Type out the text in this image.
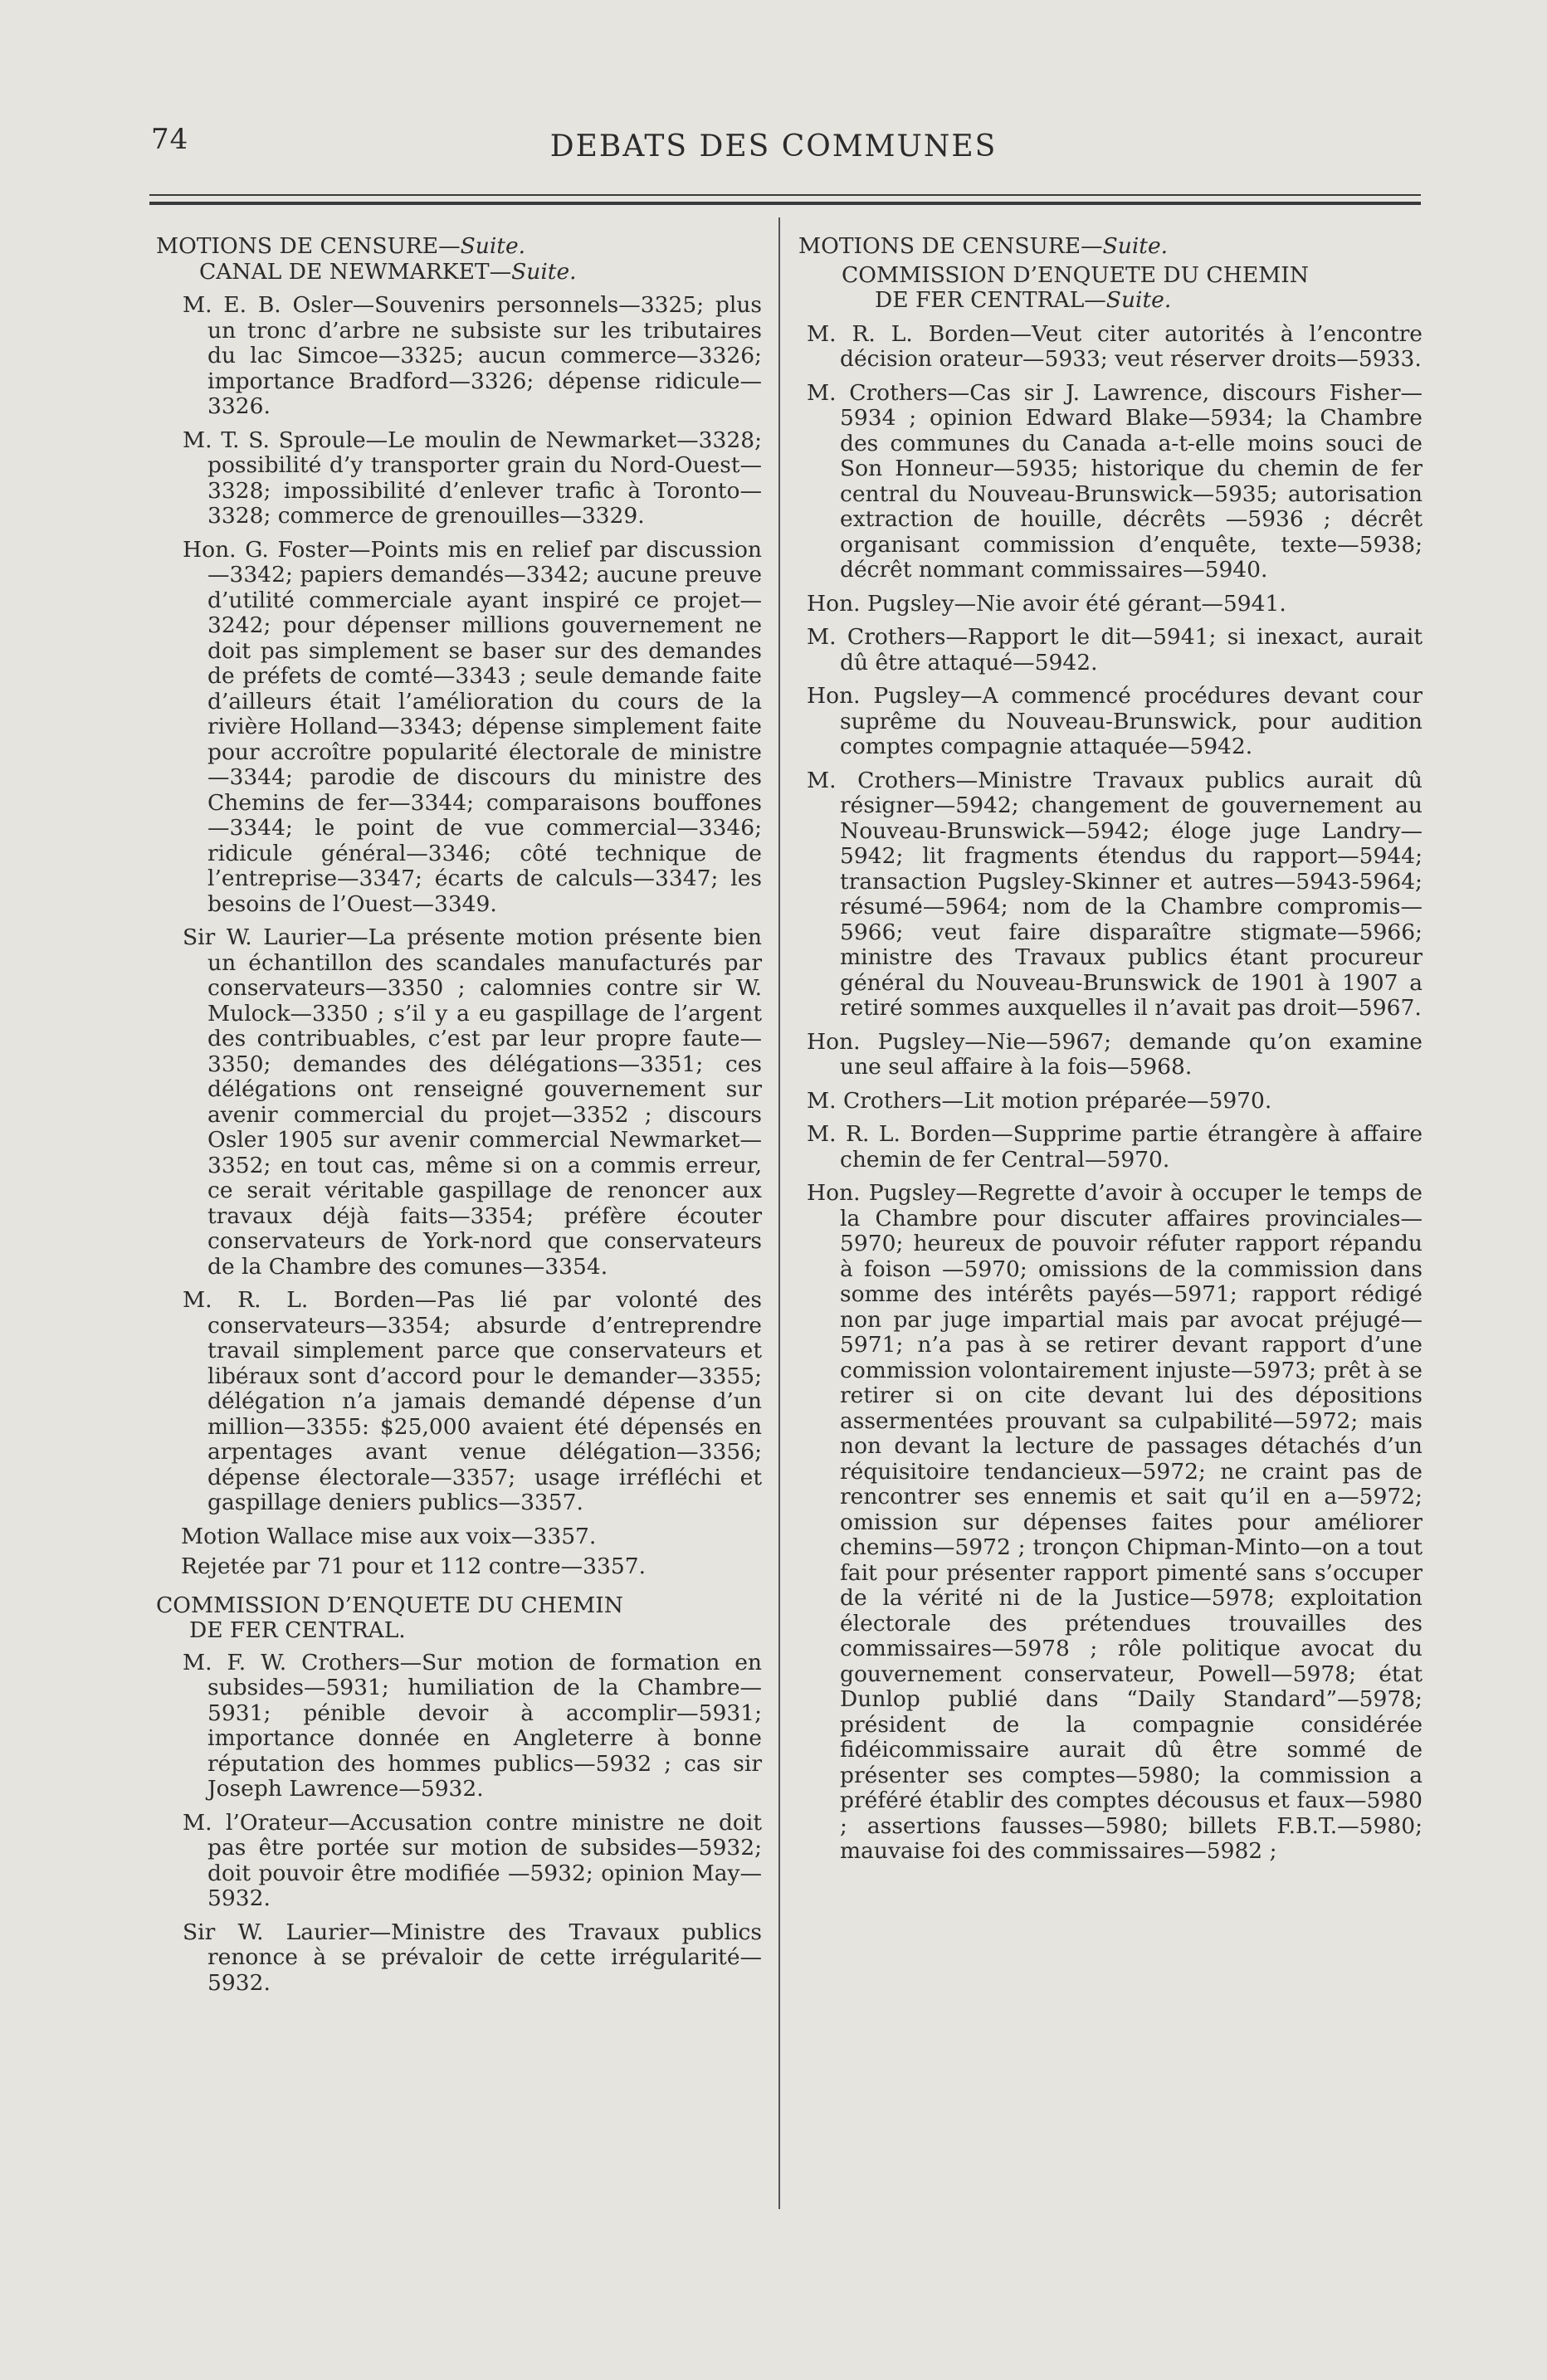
74	DEBATS DES COMMUNES

MOTIONS DE CENSURE—Suite.

CANAL DE NEWMARKET—Suite.

M. E. B. Osler—Souvenirs personnels—3325; plus un tronc d’arbre ne subsiste sur les tributaires du lac Simcoe—3325; aucun commerce—3326; importance Bradford—3326; dépense ridicule—3326.

M. T. S. Sproule—Le moulin de Newmarket—3328; possibilité d’y transporter grain du Nord-Ouest—3328; impossibilité d’enlever trafic à Toronto—3328; commerce de grenouilles—3329.

Hon. G. Foster—Points mis en relief par discussion—3342; papiers demandés—3342; aucune preuve d’utilité commerciale ayant inspiré ce projet—3242; pour dépenser millions gouvernement ne doit pas simplement se baser sur des demandes de préfets de comté—3343 ; seule demande faite d’ailleurs était l’amélioration du cours de la rivière Holland—3343; dépense simplement faite pour accroître popularité électorale de ministre—3344; parodie de discours du ministre des Chemins de fer—3344; comparaisons bouffones—3344; le point de vue commercial—3346; ridicule général—3346; côté technique de l’entreprise—3347; écarts de calculs—3347; les besoins de l’Ouest—3349.

Sir W. Laurier—La présente motion présente bien un échantillon des scandales manufacturés par conservateurs—3350 ; calomnies contre sir W. Mulock—3350 ; s’il y a eu gaspillage de l’argent des contribuables, c’est par leur propre faute—3350; demandes des délégations—3351; ces délégations ont renseigné gouvernement sur avenir commercial du projet—3352 ; discours Osler 1905 sur avenir commercial Newmarket—3352; en tout cas, même si on a commis erreur, ce serait véritable gaspillage de renoncer aux travaux déjà faits—3354; préfère écouter conservateurs de York-nord que conservateurs de la Chambre des comunes—3354.

M. R. L. Borden—Pas lié par volonté des conservateurs—3354; absurde d’entreprendre travail simplement parce que conservateurs et libéraux sont d’accord pour le demander—3355; délégation n’a jamais demandé dépense d’un million—3355: $25,000 avaient été dépensés en arpentages avant venue délégation—3356; dépense électorale—3357; usage irréfléchi et gaspillage deniers publics—3357.

Motion Wallace mise aux voix—3357.

Rejetée par 71 pour et 112 contre—3357.

COMMISSION D’ENQUETE DU CHEMIN
DE FER CENTRAL.

M. F. W. Crothers—Sur motion de formation en subsides—5931; humiliation de la Chambre—5931; pénible devoir à accomplir—5931; importance donnée en Angleterre à bonne réputation des hommes publics—5932 ; cas sir Joseph Lawrence—5932.

M. l’Orateur—Accusation contre ministre ne doit pas être portée sur motion de subsides—5932; doit pouvoir être modifiée —5932; opinion May—5932.

Sir W. Laurier—Ministre des Travaux publics renonce à se prévaloir de cette irrégularité—5932.

MOTIONS DE CENSURE—Suite.

COMMISSION D’ENQUETE DU CHEMIN
DE FER CENTRAL—Suite.

M. R. L. Borden—Veut citer autorités à l’encontre décision orateur—5933; veut réserver droits—5933.

M. Crothers—Cas sir J. Lawrence, discours Fisher—5934 ; opinion Edward Blake—5934; la Chambre des communes du Canada a-t-elle moins souci de Son Honneur—5935; historique du chemin de fer central du Nouveau-Brunswick—5935; autorisation extraction de houille, décrêts —5936 ; décrêt organisant commission d’enquête, texte—5938; décrêt nommant commissaires—5940.

Hon. Pugsley—Nie avoir été gérant—5941.

M. Crothers—Rapport le dit—5941; si inexact, aurait dû être attaqué—5942.

Hon. Pugsley—A commencé procédures devant cour suprême du Nouveau-Brunswick, pour audition comptes compagnie attaquée—5942.

M. Crothers—Ministre Travaux publics aurait dû résigner—5942; changement de gouvernement au Nouveau-Brunswick—5942; éloge juge Landry—5942; lit fragments étendus du rapport—5944; transaction Pugsley-Skinner et autres—5943-5964; résumé—5964; nom de la Chambre compromis—5966; veut faire disparaître stigmate—5966; ministre des Travaux publics étant procureur général du Nouveau-Brunswick de 1901 à 1907 a retiré sommes auxquelles il n’avait pas droit—5967.

Hon. Pugsley—Nie—5967; demande qu’on examine une seul affaire à la fois—5968.

M. Crothers—Lit motion préparée—5970.

M. R. L. Borden—Supprime partie étrangère à affaire chemin de fer Central—5970.

Hon. Pugsley—Regrette d’avoir à occuper le temps de la Chambre pour discuter affaires provinciales—5970; heureux de pouvoir réfuter rapport répandu à foison —5970; omissions de la commission dans somme des intérêts payés—5971; rapport rédigé non par juge impartial mais par avocat préjugé—5971; n’a pas à se retirer devant rapport d’une commission volontairement injuste—5973; prêt à se retirer si on cite devant lui des dépositions assermentées prouvant sa culpabilité—5972; mais non devant la lecture de passages détachés d’un réquisitoire tendancieux—5972; ne craint pas de rencontrer ses ennemis et sait qu’il en a—5972; omission sur dépenses faites pour améliorer chemins—5972 ; tronçon Chipman-Minto—on a tout fait pour présenter rapport pimenté sans s’occuper de la vérité ni de la Justice—5978; exploitation électorale des prétendues trouvailles des commissaires—5978 ; rôle politique avocat du gouvernement conservateur, Powell—5978; état Dunlop publié dans “Daily Standard”—5978; président de la compagnie considérée fidéicommissaire aurait dû être sommé de présenter ses comptes—5980; la commission a préféré établir des comptes décousus et faux—5980 ; assertions fausses—5980; billets F.B.T.—5980; mauvaise foi des commissaires—5982 ;
